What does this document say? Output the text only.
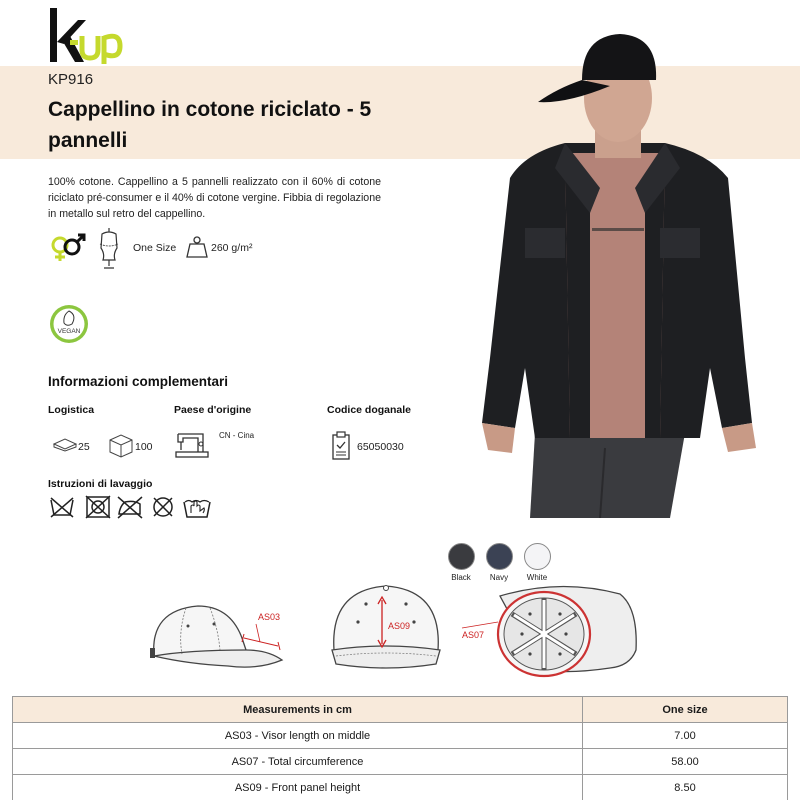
KP916
Cappellino in cotone riciclato - 5 pannelli
100% cotone. Cappellino a 5 pannelli realizzato con il 60% di cotone riciclato pré-consumer e il 40% di cotone vergine. Fibbia di regolazione in metallo sul retro del cappellino.
One Size	260 g/m²
VEGAN
Informazioni complementari
Logistica	Paese d'origine	Codice doganale
25	100
CN - Cina
65050030
Istruzioni di lavaggio
Black	Navy	White
AS03
AS09
AS07
Measurements in cm	One size
AS03 - Visor length on middle	7.00
AS07 - Total circumference	58.00
AS09 - Front panel height	8.50
